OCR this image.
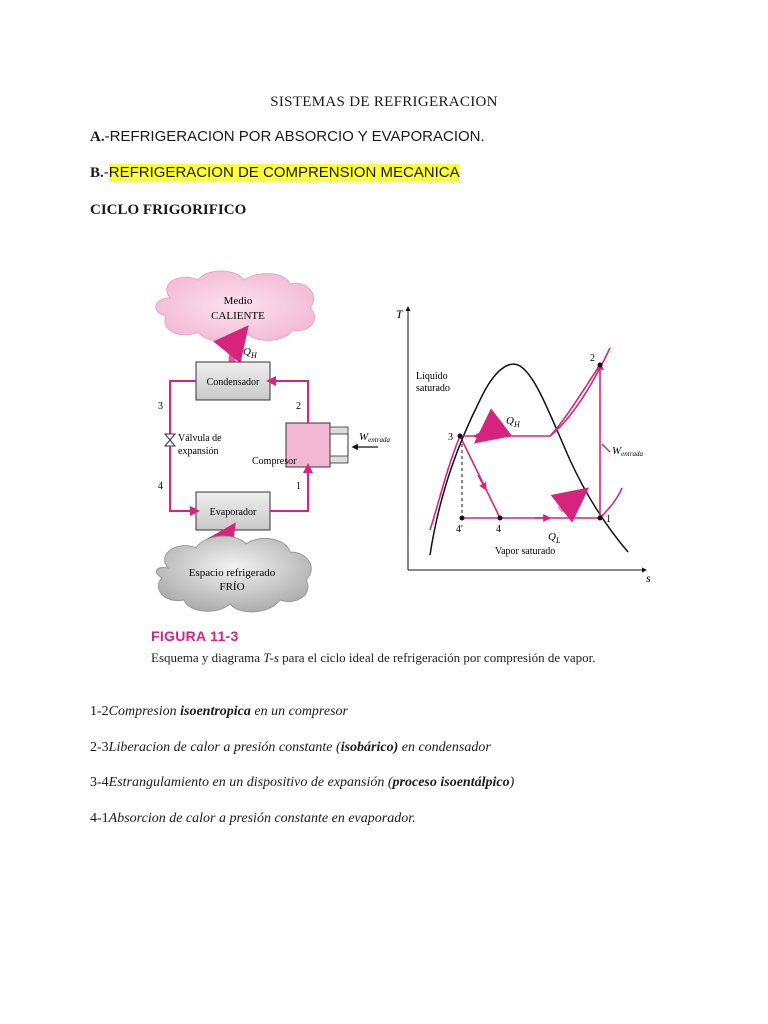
SISTEMAS DE REFRIGERACION
A.-REFRIGERACION POR ABSORCIO Y EVAPORACION.
B.-REFRIGERACION DE COMPRENSION MECANICA
CICLO FRIGORIFICO
Medio
CALIENTE
$Q_H$
Condensador
Evaporador
Compresor
Wentrada
Válvula de
expansión
3	2
4	1
Espacio refrigerado
FRÍO
T
s
1
2
3
4
4'
Líquido
saturado
Vapor saturado
$Q_H$
$Q_L$
Wentrada
FIGURA 11-3
Esquema y diagrama T-s para el ciclo ideal de refrigeración por compresión de vapor.
1-2Compresion isoentropica en un compresor
2-3Liberacion de calor a presión constante (isobárico) en condensador
3-4Estrangulamiento en un dispositivo de expansión (proceso isoentálpico)
4-1Absorcion de calor a presión constante en evaporador.
